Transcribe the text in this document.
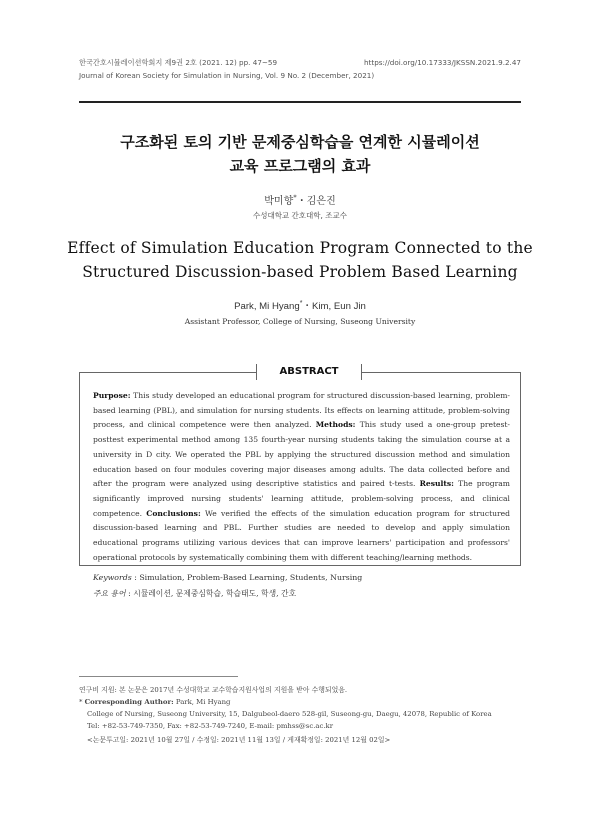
한국간호시뮬레이션학회지 제9권 2호 (2021. 12) pp. 47~59
Journal of Korean Society for Simulation in Nursing, Vol. 9 No. 2 (December, 2021)
https://doi.org/10.17333/JKSSN.2021.9.2.47
구조화된 토의 기반 문제중심학습을 연계한 시뮬레이션
교육 프로그램의 효과
박미향*・김은진
수성대학교 간호대학, 조교수
Effect of Simulation Education Program Connected to the
Structured Discussion-based Problem Based Learning
Park, Mi Hyang*・Kim, Eun Jin
Assistant Professor, College of Nursing, Suseong University
ABSTRACT
Purpose: This study developed an educational program for structured discussion-based learning, problem-based learning (PBL), and simulation for nursing students. Its effects on learning attitude, problem-solving process, and clinical competence were then analyzed. Methods: This study used a one-group pretest-posttest experimental method among 135 fourth-year nursing students taking the simulation course at a university in D city. We operated the PBL by applying the structured discussion method and simulation education based on four modules covering major diseases among adults. The data collected before and after the program were analyzed using descriptive statistics and paired t-tests. Results: The program significantly improved nursing students' learning attitude, problem-solving process, and clinical competence. Conclusions: We verified the effects of the simulation education program for structured discussion-based learning and PBL. Further studies are needed to develop and apply simulation educational programs utilizing various devices that can improve learners' participation and professors' operational protocols by systematically combining them with different teaching/learning methods.
Keywords : Simulation, Problem-Based Learning, Students, Nursing
주요 용어 : 시뮬레이션, 문제중심학습, 학습태도, 학생, 간호
연구비 지원: 본 논문은 2017년 수성대학교 교수학습지원사업의 지원을 받아 수행되었음.
* Corresponding Author: Park, Mi Hyang
College of Nursing, Suseong University, 15, Dalgubeol-daero 528-gil, Suseong-gu, Daegu, 42078, Republic of Korea
Tel: +82-53-749-7350, Fax: +82-53-749-7240, E-mail: pmhss@sc.ac.kr
<논문투고일: 2021년 10월 27일 / 수정일: 2021년 11월 13일 / 게재확정일: 2021년 12월 02일>
